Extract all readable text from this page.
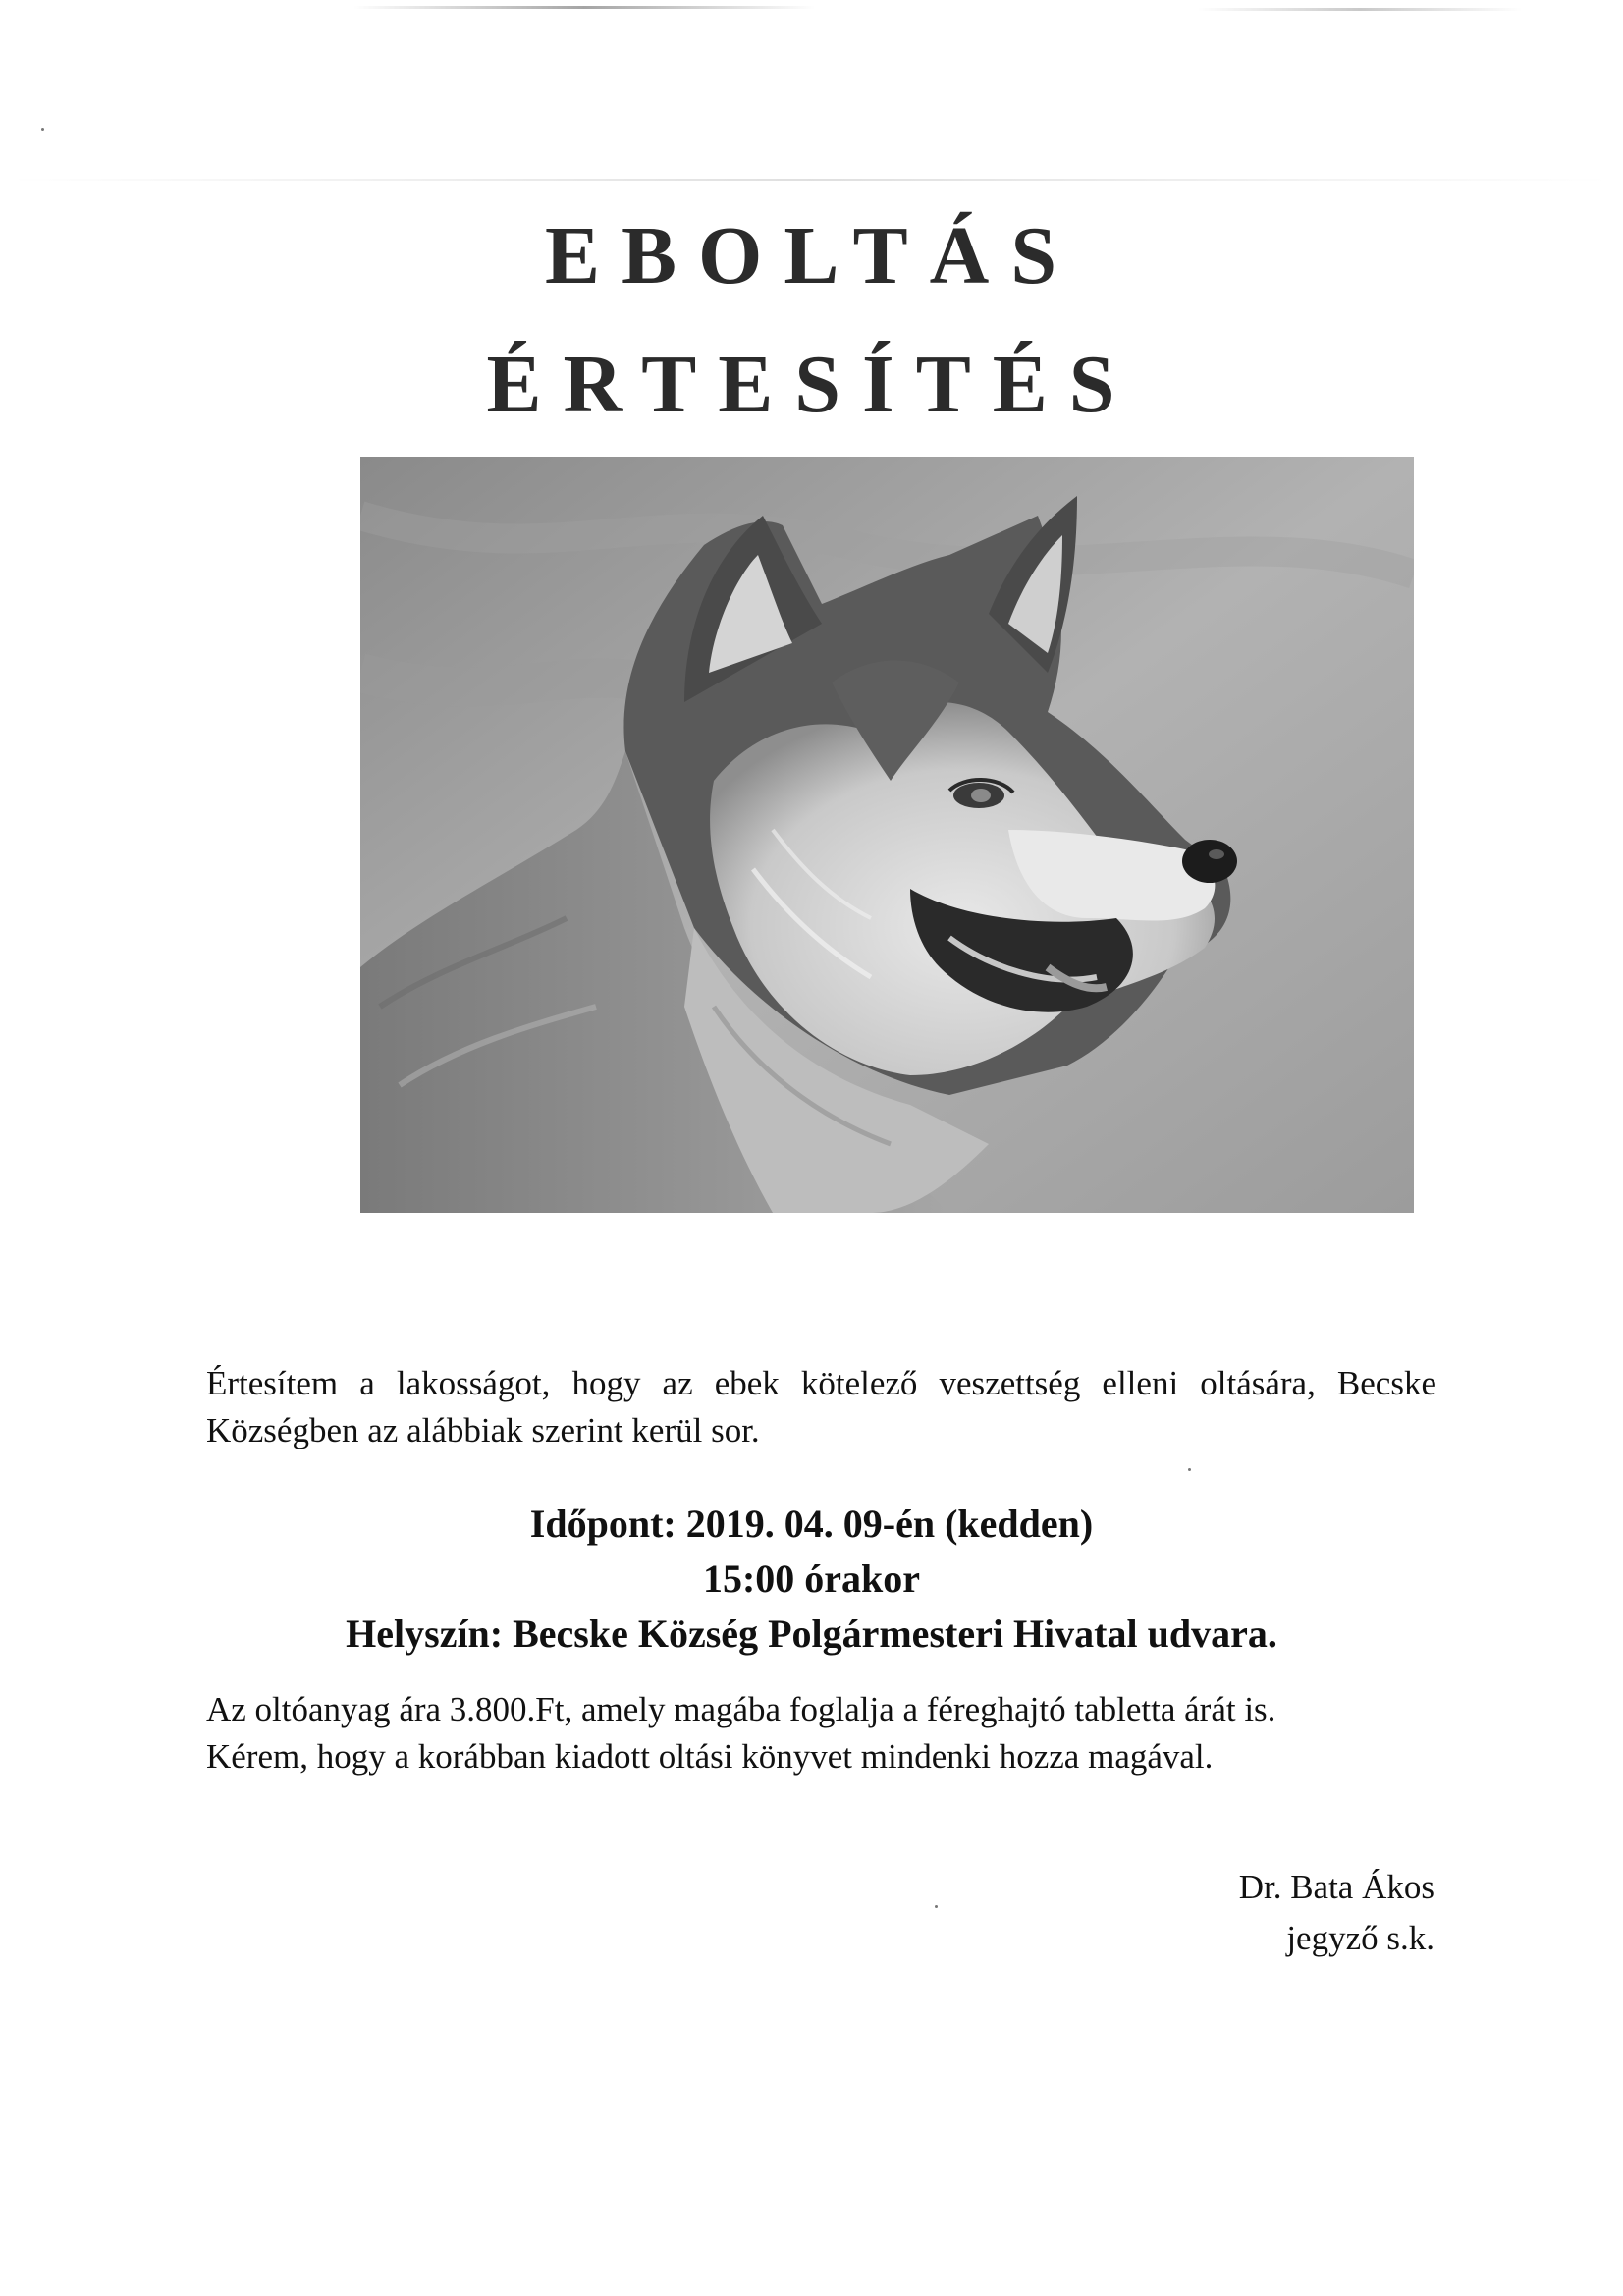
EBOLTÁS
ÉRTESÍTÉS

Értesítem a lakosságot, hogy az ebek kötelező veszettség elleni oltására, Becske Községben az alábbiak szerint kerül sor.

Időpont: 2019. 04. 09-én (kedden)
15:00 órakor
Helyszín: Becske Község Polgármesteri Hivatal udvara.
Az oltóanyag ára 3.800.Ft, amely magába foglalja a féreghajtó tabletta árát is.
Kérem, hogy a korábban kiadott oltási könyvet mindenki hozza magával.
Dr. Bata Ákos
jegyző s.k.
